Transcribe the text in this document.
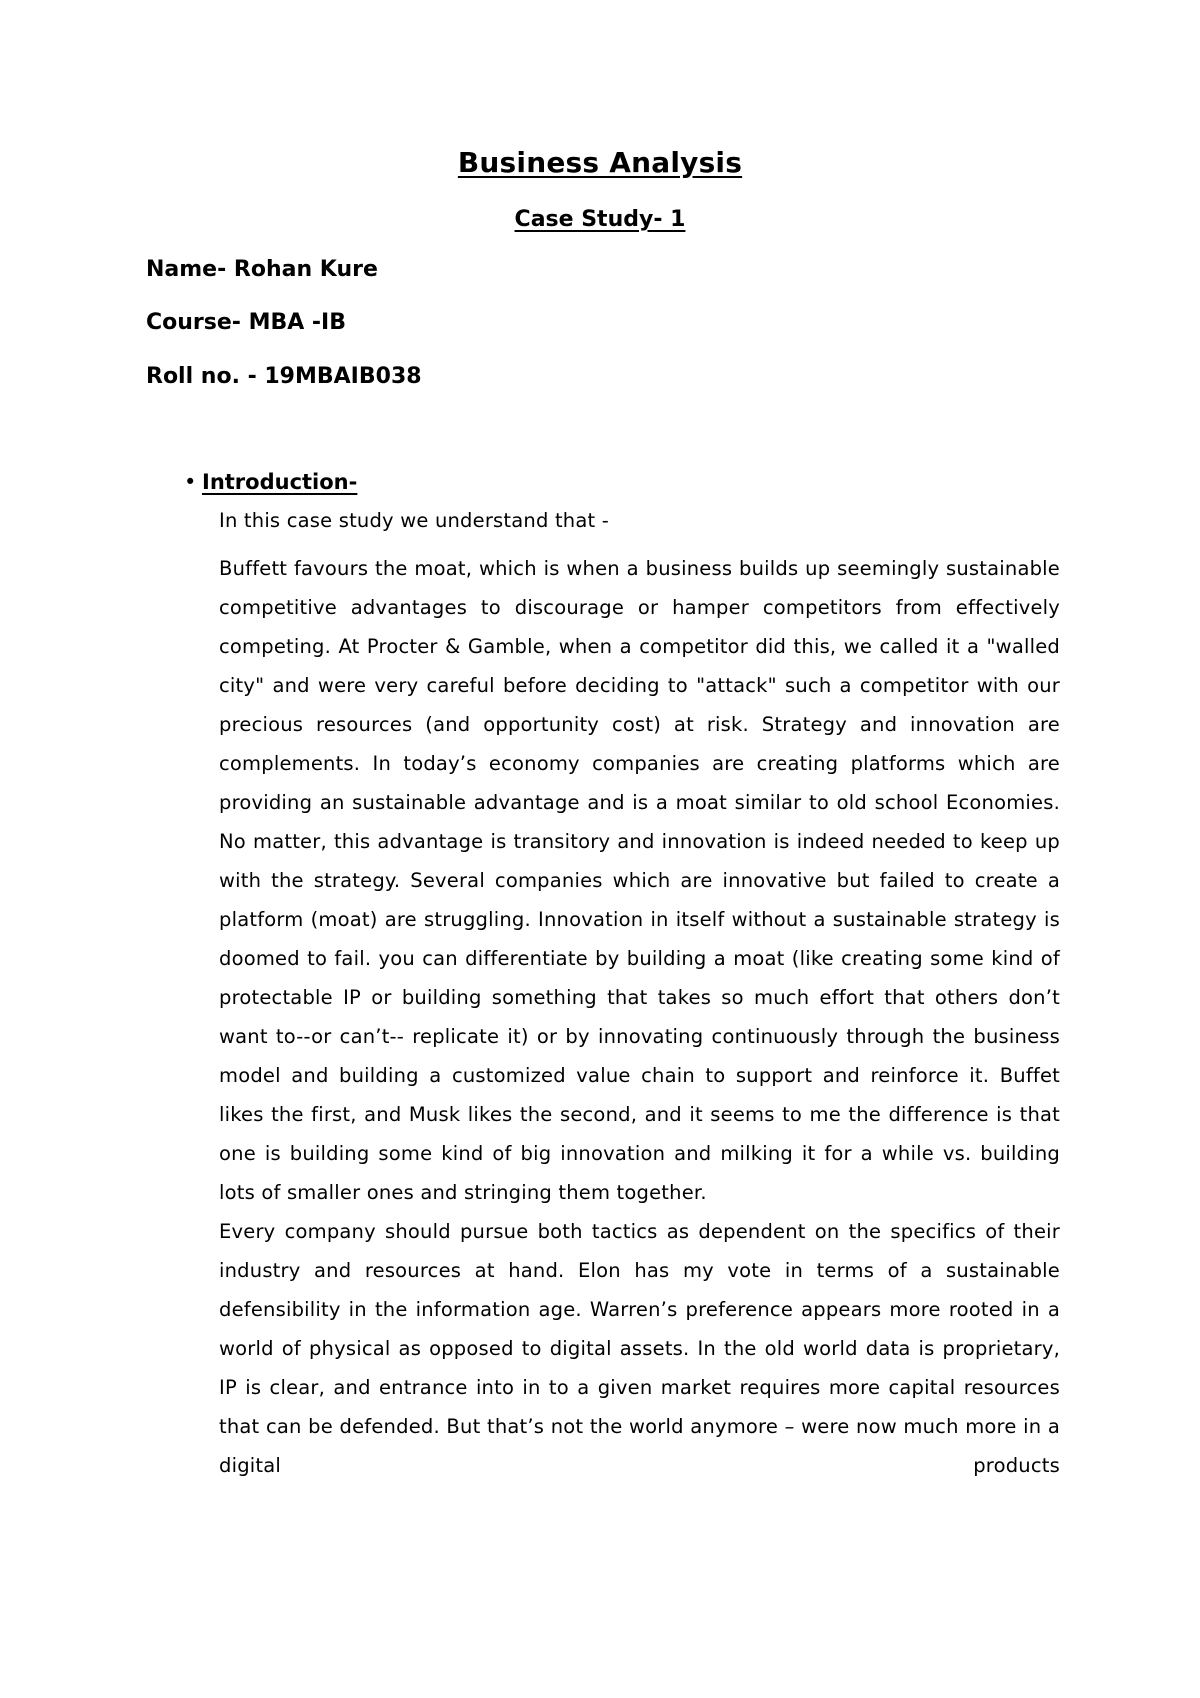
Business Analysis
Case Study- 1
Name- Rohan Kure
Course- MBA -IB
Roll no. - 19MBAIB038
• Introduction-
In this case study we understand that -

Buffett favours the moat, which is when a business builds up seemingly sustainable competitive advantages to discourage or hamper competitors from effectively competing. At Procter & Gamble, when a competitor did this, we called it a "walled city" and were very careful before deciding to "attack" such a competitor with our precious resources (and opportunity cost) at risk. Strategy and innovation are complements. In today’s economy companies are creating platforms which are providing an sustainable advantage and is a moat similar to old school Economies. No matter, this advantage is transitory and innovation is indeed needed to keep up with the strategy. Several companies which are innovative but failed to create a platform (moat) are struggling. Innovation in itself without a sustainable strategy is doomed to fail. you can differentiate by building a moat (like creating some kind of protectable IP or building something that takes so much effort that others don’t want to--or can’t-- replicate it) or by innovating continuously through the business model and building a customized value chain to support and reinforce it. Buffet likes the first, and Musk likes the second, and it seems to me the difference is that one is building some kind of big innovation and milking it for a while vs. building lots of smaller ones and stringing them together.

Every company should pursue both tactics as dependent on the specifics of their industry and resources at hand. Elon has my vote in terms of a sustainable defensibility in the information age. Warren’s preference appears more rooted in a world of physical as opposed to digital assets. In the old world data is proprietary, IP is clear, and entrance into in to a given market requires more capital resources that can be defended. But that’s not the world anymore – were now much more in a digital products
